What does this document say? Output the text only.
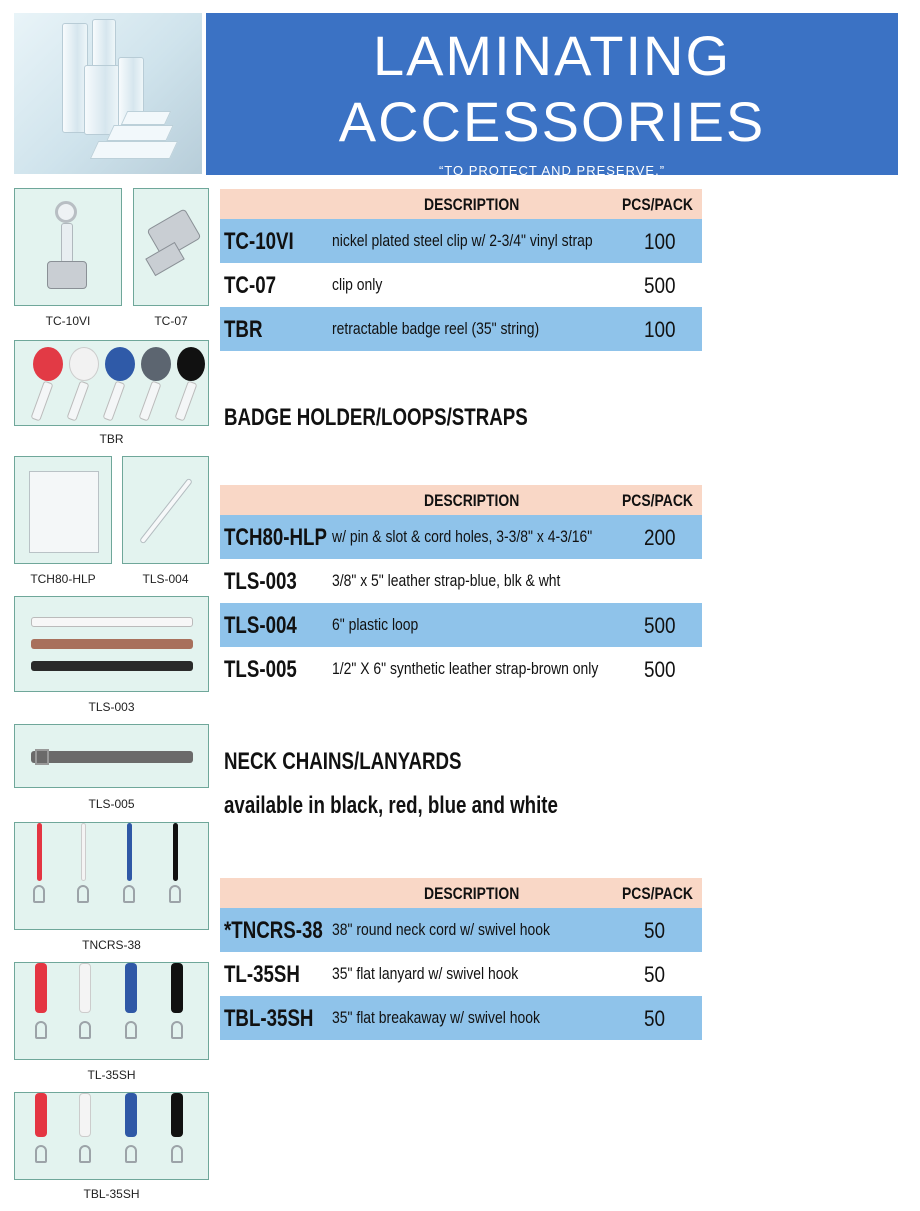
LAMINATING
ACCESSORIES
“TO PROTECT AND PRESERVE.”
TC-10VI	TC-07
TBR
TCH80-HLP	TLS-004
TLS-003
TLS-005
TNCRS-38
TL-35SH
TBL-35SH
DESCRIPTION	PCS/PACK
TC-10VI nickel plated steel clip w/ 2-3/4" vinyl strap 100
TC-07	clip only	500
TBR	retractable badge reel (35" string)	100
BADGE HOLDER/LOOPS/STRAPS
DESCRIPTION	PCS/PACK
TCH80-HLP w/ pin & slot & cord holes, 3-3/8" x 4-3/16" 200
TLS-003 3/8" x 5" leather strap-blue, blk & wht
TLS-004 6" plastic loop	500
TLS-005 1/2" X 6" synthetic leather strap-brown only 500
NECK CHAINS/LANYARDS
available in black, red, blue and white
DESCRIPTION	PCS/PACK
*TNCRS-38 38" round neck cord w/ swivel hook	50
TL-35SH 35" flat lanyard w/ swivel hook	50
TBL-35SH 35" flat breakaway w/ swivel hook	50
